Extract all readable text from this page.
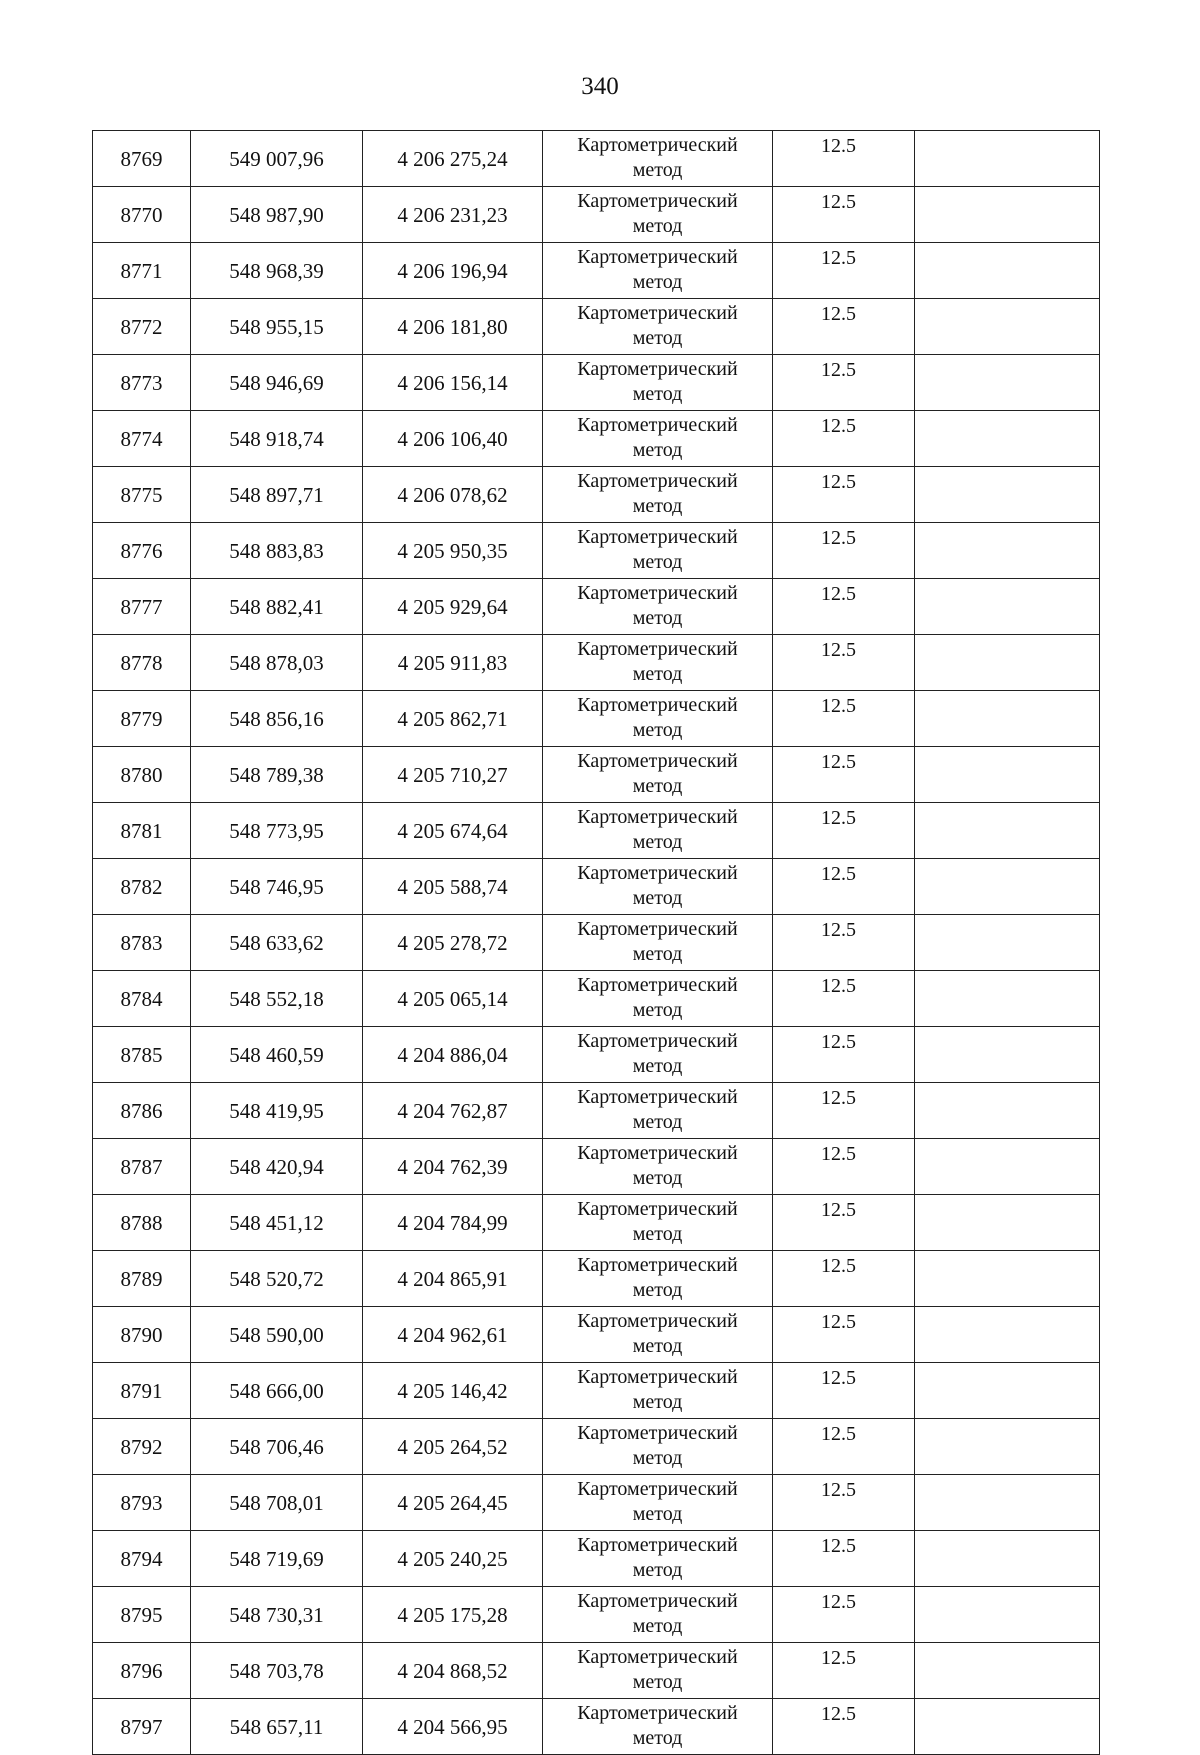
340
8769	549 007,96	4 206 275,24	Картометрический
метод	12.5	
8770	548 987,90	4 206 231,23	Картометрический
метод	12.5	
8771	548 968,39	4 206 196,94	Картометрический
метод	12.5	
8772	548 955,15	4 206 181,80	Картометрический
метод	12.5	
8773	548 946,69	4 206 156,14	Картометрический
метод	12.5	
8774	548 918,74	4 206 106,40	Картометрический
метод	12.5	
8775	548 897,71	4 206 078,62	Картометрический
метод	12.5	
8776	548 883,83	4 205 950,35	Картометрический
метод	12.5	
8777	548 882,41	4 205 929,64	Картометрический
метод	12.5	
8778	548 878,03	4 205 911,83	Картометрический
метод	12.5	
8779	548 856,16	4 205 862,71	Картометрический
метод	12.5	
8780	548 789,38	4 205 710,27	Картометрический
метод	12.5	
8781	548 773,95	4 205 674,64	Картометрический
метод	12.5	
8782	548 746,95	4 205 588,74	Картометрический
метод	12.5	
8783	548 633,62	4 205 278,72	Картометрический
метод	12.5	
8784	548 552,18	4 205 065,14	Картометрический
метод	12.5	
8785	548 460,59	4 204 886,04	Картометрический
метод	12.5	
8786	548 419,95	4 204 762,87	Картометрический
метод	12.5	
8787	548 420,94	4 204 762,39	Картометрический
метод	12.5	
8788	548 451,12	4 204 784,99	Картометрический
метод	12.5	
8789	548 520,72	4 204 865,91	Картометрический
метод	12.5	
8790	548 590,00	4 204 962,61	Картометрический
метод	12.5	
8791	548 666,00	4 205 146,42	Картометрический
метод	12.5	
8792	548 706,46	4 205 264,52	Картометрический
метод	12.5	
8793	548 708,01	4 205 264,45	Картометрический
метод	12.5	
8794	548 719,69	4 205 240,25	Картометрический
метод	12.5	
8795	548 730,31	4 205 175,28	Картометрический
метод	12.5	
8796	548 703,78	4 204 868,52	Картометрический
метод	12.5	
8797	548 657,11	4 204 566,95	Картометрический
метод	12.5	
